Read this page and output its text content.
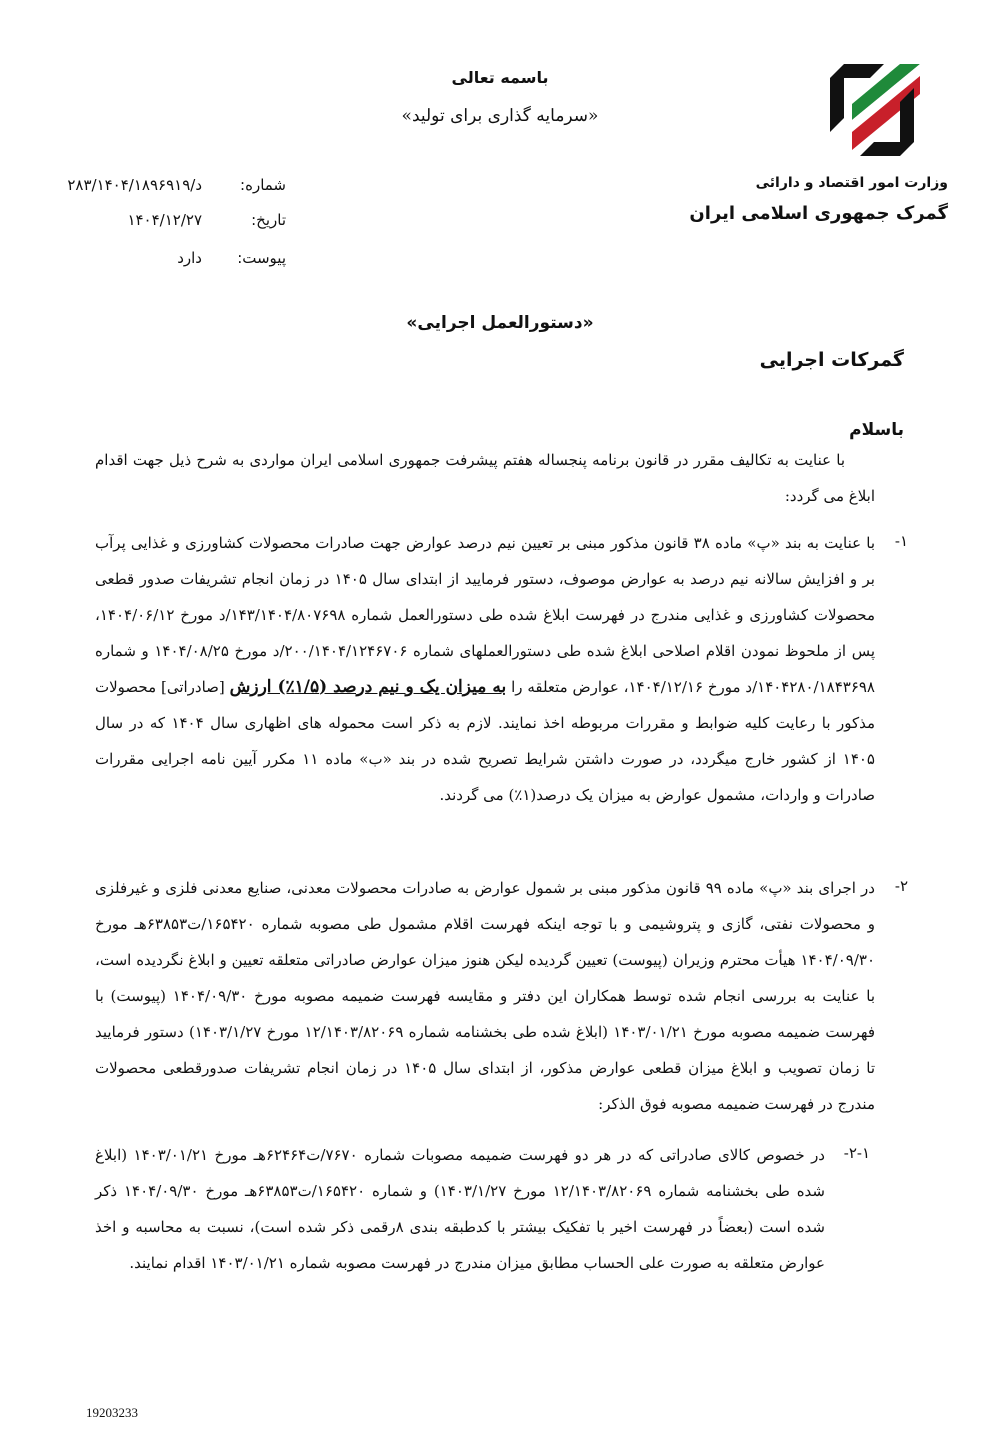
باسمه تعالی
«سرمایه گذاری برای تولید»
وزارت امور اقتصاد و دارائی
گمرک جمهوری اسلامی ایران
شماره:
۲۸۳/۱۴۰۴/۱۸۹۶۹۱۹/د
تاریخ:
۱۴۰۴/۱۲/۲۷
پیوست:
دارد
«دستورالعمل اجرایی»
گمرکات اجرایی
باسلام
با عنایت به تکالیف مقرر در قانون برنامه پنجساله هفتم پیشرفت جمهوری اسلامی ایران مواردی به شرح ذیل جهت اقدام ابلاغ می گردد:
۱-
با عنایت به بند «پ» ماده ۳۸ قانون مذکور مبنی بر تعیین نیم درصد عوارض جهت صادرات محصولات کشاورزی و غذایی پرآب بر و افزایش سالانه نیم درصد به عوارض موصوف، دستور فرمایید از ابتدای سال ۱۴۰۵ در زمان انجام تشریفات صدور قطعی محصولات کشاورزی و غذایی مندرج در فهرست ابلاغ شده طی دستورالعمل شماره ۱۴۳/۱۴۰۴/۸۰۷۶۹۸/د مورخ ۱۴۰۴/۰۶/۱۲، پس از ملحوظ نمودن اقلام اصلاحی ابلاغ شده طی دستورالعملهای شماره ۲۰۰/۱۴۰۴/۱۲۴۶۷۰۶/د مورخ ۱۴۰۴/۰۸/۲۵ و شماره ۱۴۰۴۲۸۰/۱۸۴۳۶۹۸/د مورخ ۱۴۰۴/۱۲/۱۶، عوارض متعلقه را به میزان یک و نیم درصد (۱/۵٪) ارزش [صادراتی] محصولات مذکور با رعایت کلیه ضوابط و مقررات مربوطه اخذ نمایند. لازم به ذکر است محموله های اظهاری سال ۱۴۰۴ که در سال ۱۴۰۵ از کشور خارج میگردد، در صورت داشتن شرایط تصریح شده در بند «ب» ماده ۱۱ مکرر آیین نامه اجرایی مقررات صادرات و واردات، مشمول عوارض به میزان یک درصد(۱٪) می گردند.
۲-
در اجرای بند «پ» ماده ۹۹ قانون مذکور مبنی بر شمول عوارض به صادرات محصولات معدنی، صنایع معدنی فلزی و غیرفلزی و محصولات نفتی، گازی و پتروشیمی و با توجه اینکه فهرست اقلام مشمول طی مصوبه شماره ۱۶۵۴۲۰/ت۶۳۸۵۳هـ مورخ ۱۴۰۴/۰۹/۳۰ هیأت محترم وزیران (پیوست) تعیین گردیده لیکن هنوز میزان عوارض صادراتی متعلقه تعیین و ابلاغ نگردیده است، با عنایت به بررسی انجام شده توسط همکاران این دفتر و مقایسه فهرست ضمیمه مصوبه مورخ ۱۴۰۴/۰۹/۳۰ (پیوست) با فهرست ضمیمه مصوبه مورخ ۱۴۰۳/۰۱/۲۱ (ابلاغ شده طی بخشنامه شماره ۱۲/۱۴۰۳/۸۲۰۶۹ مورخ ۱۴۰۳/۱/۲۷) دستور فرمایید تا زمان تصویب و ابلاغ میزان قطعی عوارض مذکور، از ابتدای سال ۱۴۰۵ در زمان انجام تشریفات صدورقطعی محصولات مندرج در فهرست ضمیمه مصوبه فوق الذکر:
۲-۱-
در خصوص کالای صادراتی که در هر دو فهرست ضمیمه مصوبات شماره ۷۶۷۰/ت۶۲۴۶۴هـ مورخ ۱۴۰۳/۰۱/۲۱ (ابلاغ شده طی بخشنامه شماره ۱۲/۱۴۰۳/۸۲۰۶۹ مورخ ۱۴۰۳/۱/۲۷) و شماره ۱۶۵۴۲۰/ت۶۳۸۵۳هـ مورخ ۱۴۰۴/۰۹/۳۰ ذکر شده است (بعضاً در فهرست اخیر با تفکیک بیشتر با کدطبقه بندی ۸رقمی ذکر شده است)، نسبت به محاسبه و اخذ عوارض متعلقه به صورت علی الحساب مطابق میزان مندرج در فهرست مصوبه شماره ۱۴۰۳/۰۱/۲۱ اقدام نمایند.
19203233
